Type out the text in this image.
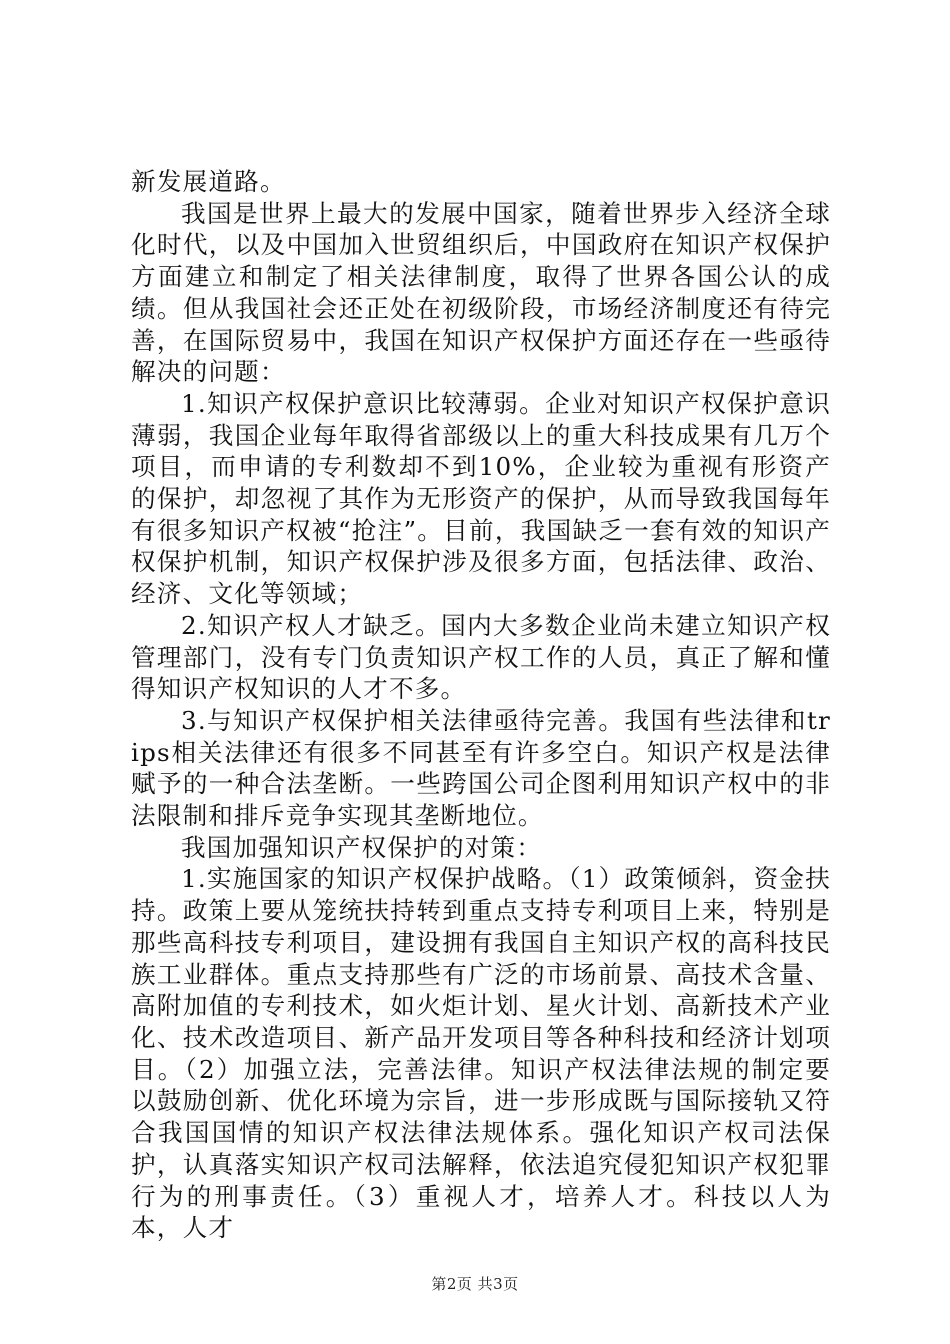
新发展道路。

我国是世界上最大的发展中国家，随着世界步入经济全球化时代，以及中国加入世贸组织后，中国政府在知识产权保护方面建立和制定了相关法律制度，取得了世界各国公认的成绩。但从我国社会还正处在初级阶段，市场经济制度还有待完善，在国际贸易中，我国在知识产权保护方面还存在一些亟待解决的问题：

1.知识产权保护意识比较薄弱。企业对知识产权保护意识薄弱，我国企业每年取得省部级以上的重大科技成果有几万个项目，而申请的专利数却不到10%，企业较为重视有形资产的保护，却忽视了其作为无形资产的保护，从而导致我国每年有很多知识产权被“抢注”。目前，我国缺乏一套有效的知识产权保护机制，知识产权保护涉及很多方面，包括法律、政治、经济、文化等领域；

2.知识产权人才缺乏。国内大多数企业尚未建立知识产权管理部门，没有专门负责知识产权工作的人员，真正了解和懂得知识产权知识的人才不多。

3.与知识产权保护相关法律亟待完善。我国有些法律和trips相关法律还有很多不同甚至有许多空白。知识产权是法律赋予的一种合法垄断。一些跨国公司企图利用知识产权中的非法限制和排斥竞争实现其垄断地位。

我国加强知识产权保护的对策：

1.实施国家的知识产权保护战略。（1）政策倾斜，资金扶持。政策上要从笼统扶持转到重点支持专利项目上来，特别是那些高科技专利项目，建设拥有我国自主知识产权的高科技民族工业群体。重点支持那些有广泛的市场前景、高技术含量、高附加值的专利技术，如火炬计划、星火计划、高新技术产业化、技术改造项目、新产品开发项目等各种科技和经济计划项目。（2）加强立法，完善法律。知识产权法律法规的制定要以鼓励创新、优化环境为宗旨，进一步形成既与国际接轨又符合我国国情的知识产权法律法规体系。强化知识产权司法保护，认真落实知识产权司法解释，依法追究侵犯知识产权犯罪行为的刑事责任。（3）重视人才，培养人才。科技以人为本，人才

第2页 共3页
